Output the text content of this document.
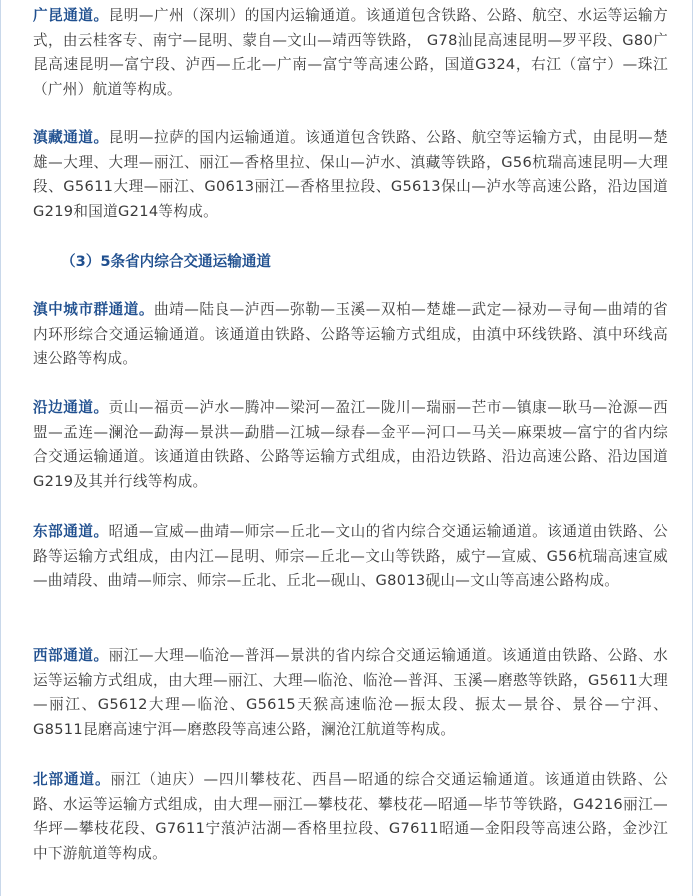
广昆通道。昆明—广州（深圳）的国内运输通道。该通道包含铁路、公路、航空、水运等运输方式，由云桂客专、南宁—昆明、蒙自—文山—靖西等铁路， G78汕昆高速昆明—罗平段、G80广昆高速昆明—富宁段、泸西—丘北—广南—富宁等高速公路，国道G324，右江（富宁）—珠江（广州）航道等构成。

滇藏通道。昆明—拉萨的国内运输通道。该通道包含铁路、公路、航空等运输方式，由昆明—楚雄—大理、大理—丽江、丽江—香格里拉、保山—泸水、滇藏等铁路，G56杭瑞高速昆明—大理段、G5611大理—丽江、G0613丽江—香格里拉段、G5613保山—泸水等高速公路，沿边国道G219和国道G214等构成。

（3）5条省内综合交通运输通道

滇中城市群通道。曲靖—陆良—泸西—弥勒—玉溪—双柏—楚雄—武定—禄劝—寻甸—曲靖的省内环形综合交通运输通道。该通道由铁路、公路等运输方式组成，由滇中环线铁路、滇中环线高速公路等构成。

沿边通道。贡山—福贡—泸水—腾冲—梁河—盈江—陇川—瑞丽—芒市—镇康—耿马—沧源—西盟—孟连—澜沧—勐海—景洪—勐腊—江城—绿春—金平—河口—马关—麻栗坡—富宁的省内综合交通运输通道。该通道由铁路、公路等运输方式组成，由沿边铁路、沿边高速公路、沿边国道G219及其并行线等构成。

东部通道。昭通—宣威—曲靖—师宗—丘北—文山的省内综合交通运输通道。该通道由铁路、公路等运输方式组成，由内江—昆明、师宗—丘北—文山等铁路，威宁—宣威、G56杭瑞高速宣威—曲靖段、曲靖—师宗、师宗—丘北、丘北—砚山、G8013砚山—文山等高速公路构成。

西部通道。丽江—大理—临沧—普洱—景洪的省内综合交通运输通道。该通道由铁路、公路、水运等运输方式组成，由大理—丽江、大理—临沧、临沧—普洱、玉溪—磨憨等铁路，G5611大理—丽江、G5612大理—临沧、G5615天猴高速临沧—振太段、振太—景谷、景谷—宁洱、G8511昆磨高速宁洱—磨憨段等高速公路，澜沧江航道等构成。

北部通道。丽江（迪庆）—四川攀枝花、西昌—昭通的综合交通运输通道。该通道由铁路、公路、水运等运输方式组成，由大理—丽江—攀枝花、攀枝花—昭通—毕节等铁路，G4216丽江—华坪—攀枝花段、G7611宁蒗泸沽湖—香格里拉段、G7611昭通—金阳段等高速公路，金沙江中下游航道等构成。
